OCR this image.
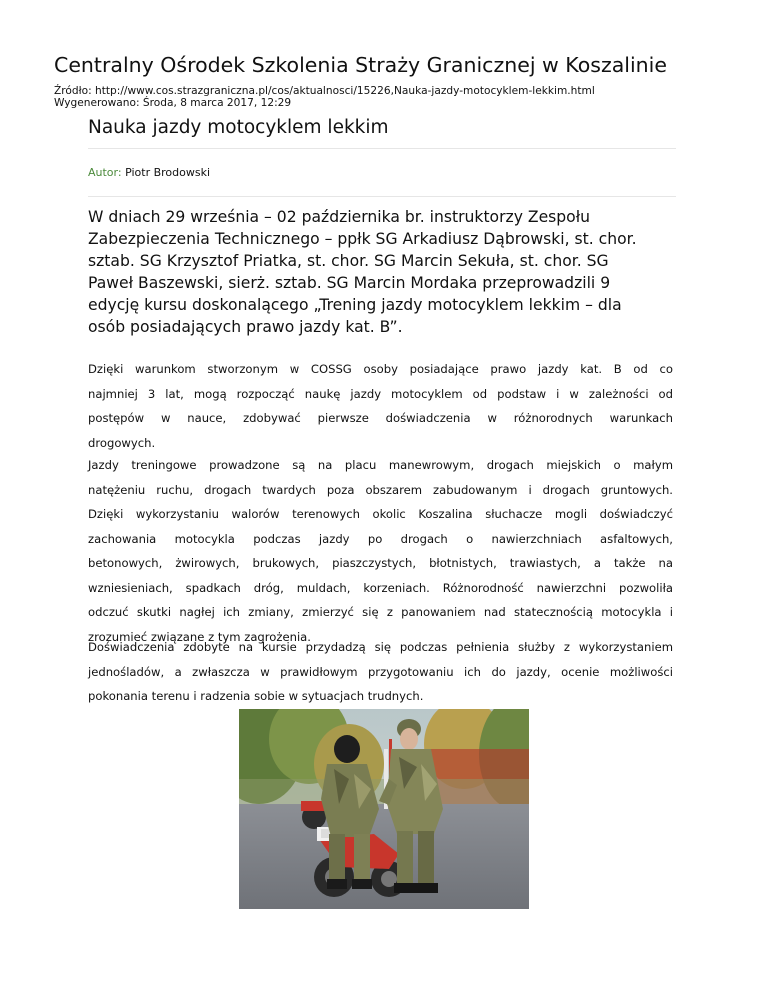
Centralny Ośrodek Szkolenia Straży Granicznej w Koszalinie
Źródło: http://www.cos.strazgraniczna.pl/cos/aktualnosci/15226,Nauka-jazdy-motocyklem-lekkim.html
Wygenerowano: Środa, 8 marca 2017, 12:29
Nauka jazdy motocyklem lekkim
Autor: Piotr Brodowski
W dniach 29 września – 02 października br. instruktorzy Zespołu
Zabezpieczenia Technicznego – ppłk SG Arkadiusz Dąbrowski, st. chor.
sztab. SG Krzysztof Priatka, st. chor. SG Marcin Sekuła, st. chor. SG
Paweł Baszewski, sierż. sztab. SG Marcin Mordaka przeprowadzili 9
edycję kursu doskonalącego „Trening jazdy motocyklem lekkim – dla
osób posiadających prawo jazdy kat. B”.
Dzięki warunkom stworzonym w COSSG osoby posiadające prawo jazdy kat. B od co
najmniej 3 lat, mogą rozpocząć naukę jazdy motocyklem od podstaw i w zależności od
postępów w nauce, zdobywać pierwsze doświadczenia w różnorodnych warunkach
drogowych.
Jazdy treningowe prowadzone są na placu manewrowym, drogach miejskich o małym
natężeniu ruchu, drogach twardych poza obszarem zabudowanym i drogach gruntowych.
Dzięki wykorzystaniu walorów terenowych okolic Koszalina słuchacze mogli doświadczyć
zachowania motocykla podczas jazdy po drogach o nawierzchniach asfaltowych,
betonowych, żwirowych, brukowych, piaszczystych, błotnistych, trawiastych, a także na
wzniesieniach, spadkach dróg, muldach, korzeniach. Różnorodność nawierzchni pozwoliła
odczuć skutki nagłej ich zmiany, zmierzyć się z panowaniem nad statecznością motocykla i
zrozumieć związane z tym zagrożenia.
Doświadczenia zdobyte na kursie przydadzą się podczas pełnienia służby z wykorzystaniem
jednośladów, a zwłaszcza w prawidłowym przygotowaniu ich do jazdy, ocenie możliwości
pokonania terenu i radzenia sobie w sytuacjach trudnych.
